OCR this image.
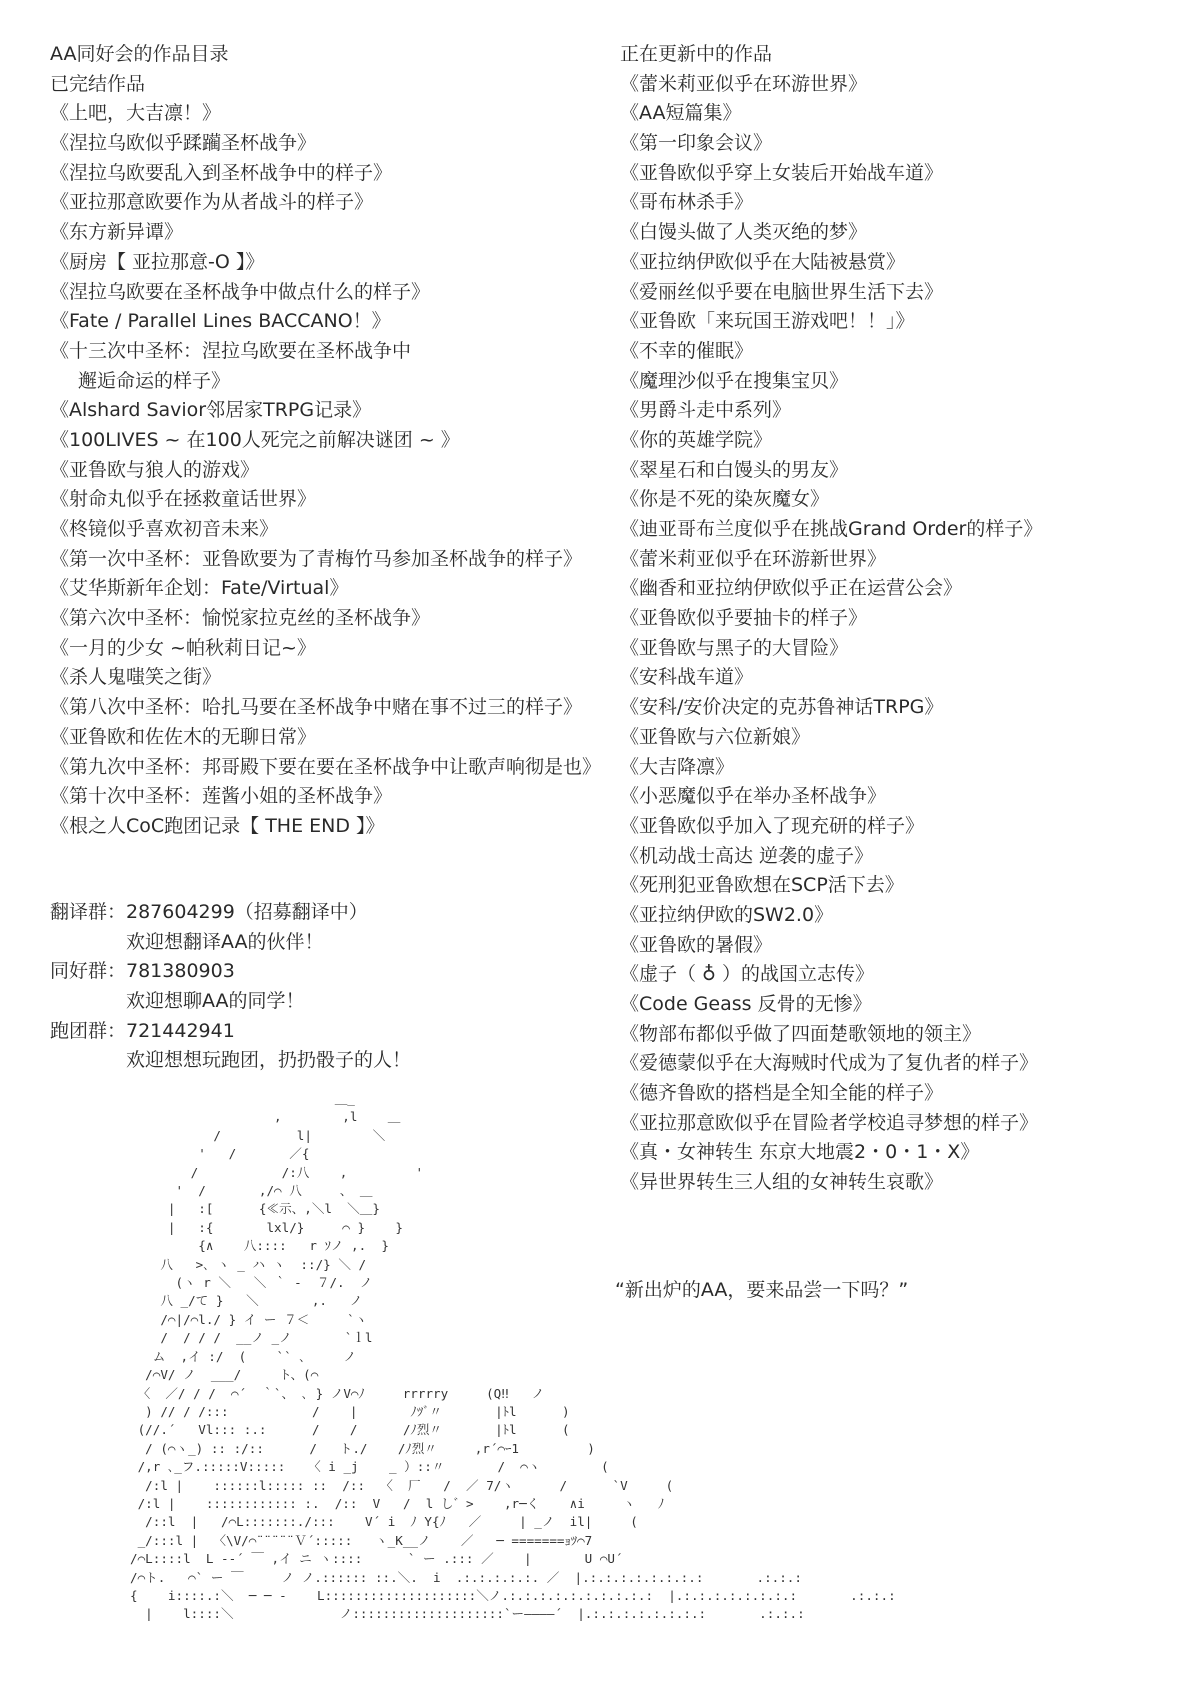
AA同好会的作品目录
已完结作品
《上吧，大吉凛！》
《涅拉乌欧似乎蹂躏圣杯战争》
《涅拉乌欧要乱入到圣杯战争中的样子》
《亚拉那意欧要作为从者战斗的样子》
《东方新异谭》
《厨房【 亚拉那意-O 】》
《涅拉乌欧要在圣杯战争中做点什么的样子》
《Fate / Parallel Lines BACCANO！》
《十三次中圣杯：涅拉乌欧要在圣杯战争中
邂逅命运的样子》
《Alshard Savior邻居家TRPG记录》
《100LIVES ~ 在100人死完之前解决谜团 ~ 》
《亚鲁欧与狼人的游戏》
《射命丸似乎在拯救童话世界》
《柊镜似乎喜欢初音未来》
《第一次中圣杯：亚鲁欧要为了青梅竹马参加圣杯战争的样子》
《艾华斯新年企划：Fate/Virtual》
《第六次中圣杯：愉悦家拉克丝的圣杯战争》
《一月的少女 ~帕秋莉日记~》
《杀人鬼嗤笑之街》
《第八次中圣杯：哈扎马要在圣杯战争中赌在事不过三的样子》
《亚鲁欧和佐佐木的无聊日常》
《第九次中圣杯：邦哥殿下要在要在圣杯战争中让歌声响彻是也》
《第十次中圣杯：莲酱小姐的圣杯战争》
《根之人CoC跑团记录【 THE END 】》
正在更新中的作品
《蕾米莉亚似乎在环游世界》
《AA短篇集》
《第一印象会议》
《亚鲁欧似乎穿上女装后开始战车道》
《哥布林杀手》
《白馒头做了人类灭绝的梦》
《亚拉纳伊欧似乎在大陆被悬赏》
《爱丽丝似乎要在电脑世界生活下去》
《亚鲁欧「来玩国王游戏吧！！」》
《不幸的催眠》
《魔理沙似乎在搜集宝贝》
《男爵斗走中系列》
《你的英雄学院》
《翠星石和白馒头的男友》
《你是不死的染灰魔女》
《迪亚哥布兰度似乎在挑战Grand Order的样子》
《蕾米莉亚似乎在环游新世界》
《幽香和亚拉纳伊欧似乎正在运营公会》
《亚鲁欧似乎要抽卡的样子》
《亚鲁欧与黑子的大冒险》
《安科战车道》
《安科/安价决定的克苏鲁神话TRPG》
《亚鲁欧与六位新娘》
《大吉降凛》
《小恶魔似乎在举办圣杯战争》
《亚鲁欧似乎加入了现充研的样子》
《机动战士高达 逆袭的虚子》
《死刑犯亚鲁欧想在SCP活下去》
《亚拉纳伊欧的SW2.0》
《亚鲁欧的暑假》
《虚子（ ♁ ）的战国立志传》
《Code Geass 反骨的无惨》
《物部布都似乎做了四面楚歌领地的领主》
《爱德蒙似乎在大海贼时代成为了复仇者的样子》
《德齐鲁欧的搭档是全知全能的样子》
《亚拉那意欧似乎在冒险者学校追寻梦想的样子》
《真・女神转生 东京大地震2・0・1・X》
《异世界转生三人组的女神转生哀歌》
翻译群： 287604299（招募翻译中）
欢迎想翻译AA的伙伴！
同好群： 781380903
欢迎想聊AA的同学！
跑团群： 721442941
欢迎想想玩跑团，扔扔骰子的人！
＿_
,        ,l    ＿
/          l|        ＼
'   /       ／{
/           /:八    ,         '
'  /       ,/⌒ 八     、 ＿
|   :[      {≪示、,＼l  ＼＿}
|   :{       lxl/}     ⌒ }    }
{∧    八::::   r ｿノ ,.  }
八   >､ ヽ _ ハ ヽ  ::/} ＼ /
(ヽ r ＼   ＼ ｀ -  ７/.  ノ
八 _/て }   ＼       ,.   ノ
/⌒|/⌒l./ } イ ー ７＜     `ヽ
/  / / /  __ノ _ノ       `ｌl
ム  ,イ :/  (    `` ､     ノ
/⌒V/ ノ  ___/     ト、(⌒
〈  ／/ / /  ⌒´  ｀`、 ､ } ノV⌒ﾉ     rrrrry     (Q‼   ノ
) // / /:::           /    |       ﾉﾂﾞ〃       |ﾄl      )
(//.´   Vl::: :.:      /    /      /ﾉ烈〃       |ﾄl      (
/ (⌒ヽ_) :: :/::      /   ト./    /ﾉ烈〃     ,r´⌒ｰ1         )
/,r ､_フ.:::::V:::::   〈 i _j    _ ）::〃       /  ⌒ヽ        (
/:l |    ::::::l::::: ::  /::  〈  厂   /  ／ 7/ヽ      /      `V     (
/:l |    :::::::::::: :.  /::  V   /  l し゛>    ,r─く    ∧i     ヽ   ﾉ
/::l  |   /⌒L:::::::./:::    V´ i  ﾉ Y{ﾉ   ／     | _ノ  il|     (
_/:::l |  〈\V/⌒¨¨¨¨¨Ｖ´:::::   ヽ_K__ノ    ／   ─ =======ｮﾂ⌒7
/⌒L::::l  L -‐´ ￣ ,イ ニ ヽ::::      ` ー .::: ／    |       U ⌒U´
/⌒ト.   ⌒` ー ￣     ノ ノ.:::::: ::.＼.  i  .:.:.:.:.:. ／  |.:.:.:.:.:.:.:.:       .:.:.:
{    i::::.:＼  ─ ─ ‐    L::::::::::::::::::::＼ノ.:.:.:.:.:.:.:.:.:.:  |.:.:.:.:.:.:.:.:       .:.:.:
|    l::::＼              ノ::::::::::::::::::::`ー――――´  |.:.:.:.:.:.:.:.:       .:.:.:
“新出炉的AA，要来品尝一下吗？”
